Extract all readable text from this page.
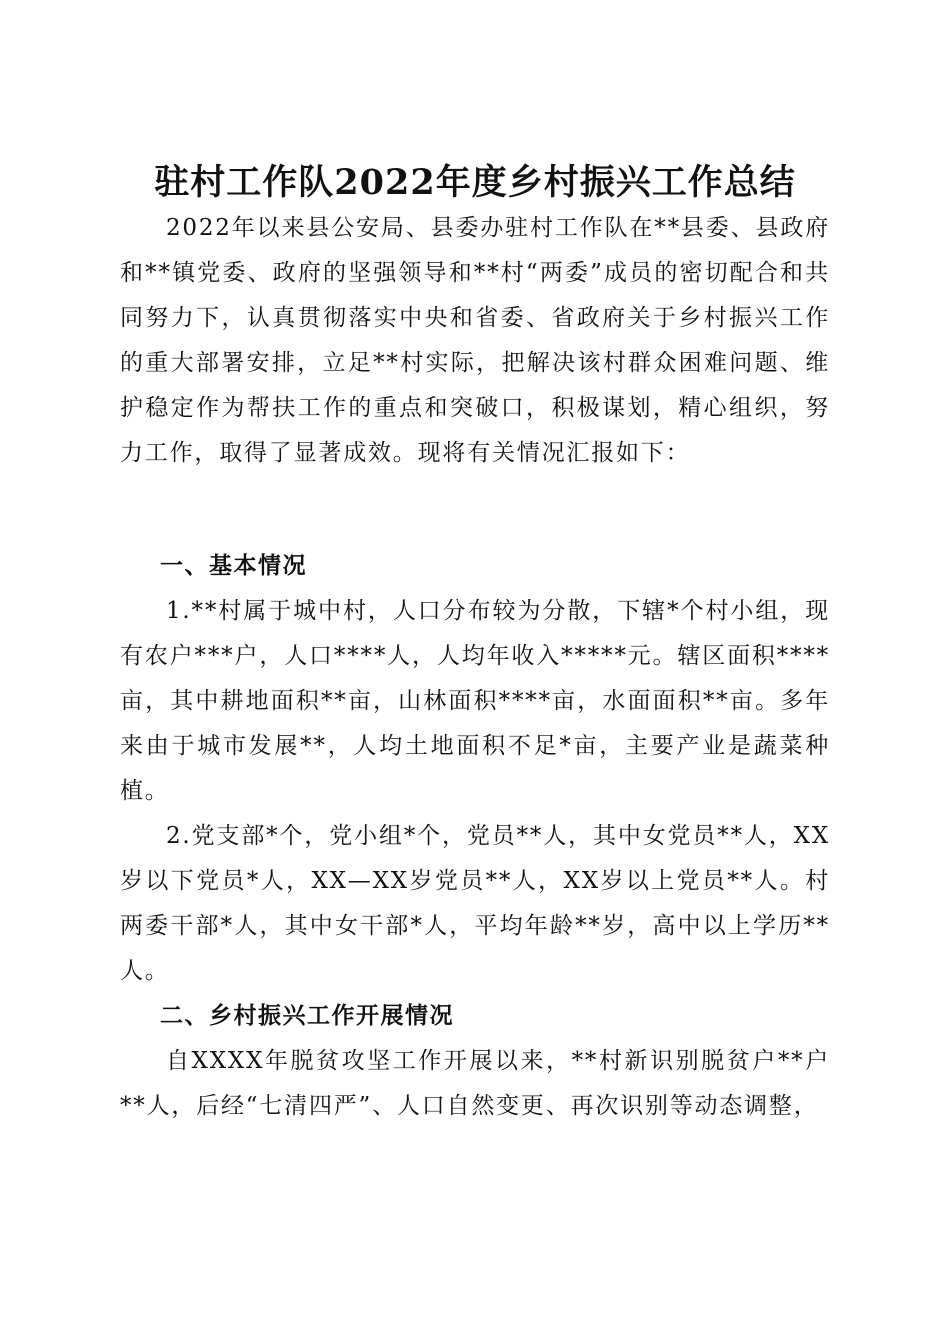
驻村工作队2022年度乡村振兴工作总结

2022年以来县公安局、县委办驻村工作队在**县委、县政府和**镇党委、政府的坚强领导和**村“两委”成员的密切配合和共同努力下，认真贯彻落实中央和省委、省政府关于乡村振兴工作的重大部署安排，立足**村实际，把解决该村群众困难问题、维护稳定作为帮扶工作的重点和突破口，积极谋划，精心组织，努力工作，取得了显著成效。现将有关情况汇报如下：

一、基本情况

1.**村属于城中村，人口分布较为分散，下辖*个村小组，现有农户***户，人口****人，人均年收入*****元。辖区面积****亩，其中耕地面积**亩，山林面积****亩，水面面积**亩。多年来由于城市发展**，人均土地面积不足*亩，主要产业是蔬菜种植。

2.党支部*个，党小组*个，党员**人，其中女党员**人，XX岁以下党员*人，XX—XX岁党员**人，XX岁以上党员**人。村两委干部*人，其中女干部*人，平均年龄**岁，高中以上学历**人。

二、乡村振兴工作开展情况

自XXXX年脱贫攻坚工作开展以来，**村新识别脱贫户**户**人，后经“七清四严”、人口自然变更、再次识别等动态调整，
